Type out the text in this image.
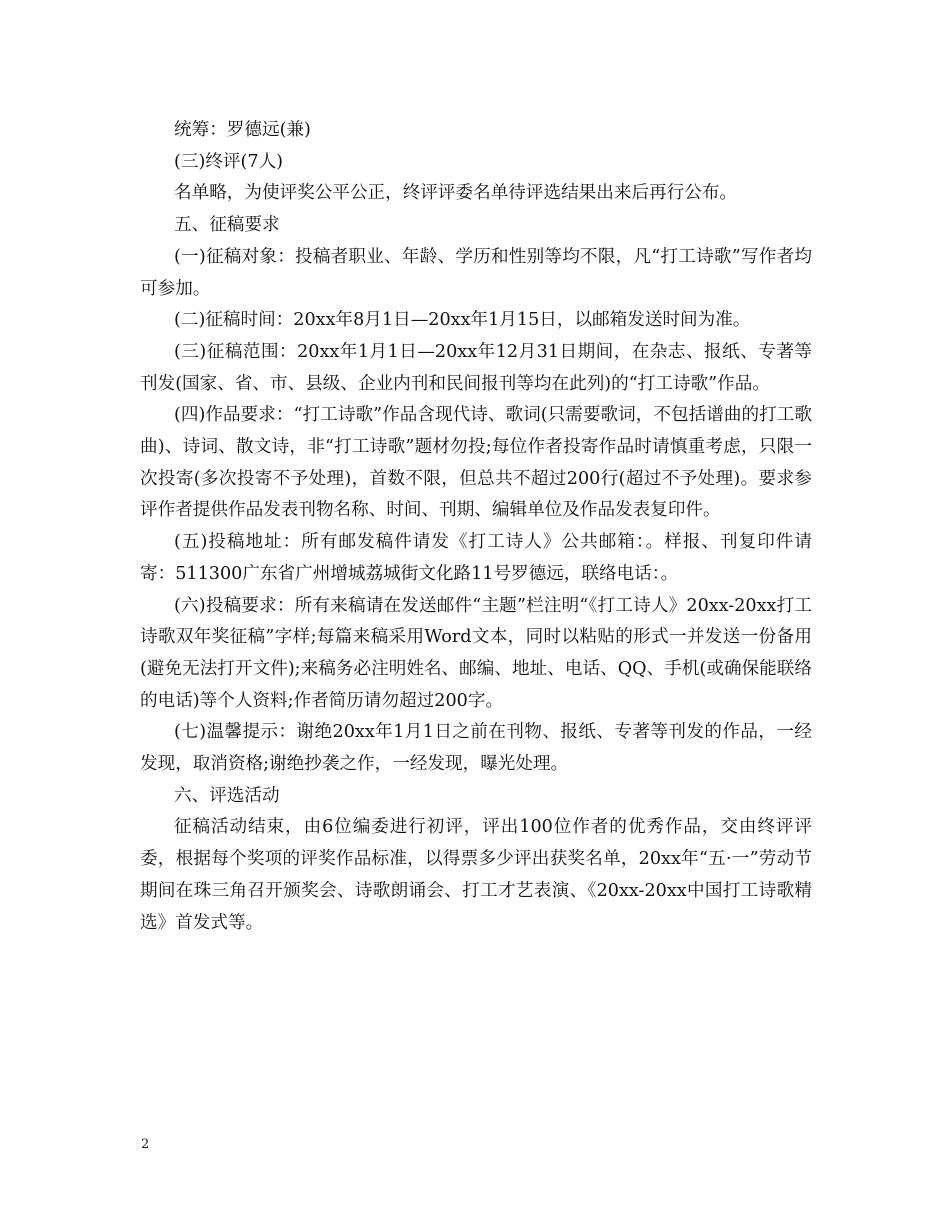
统筹：罗德远(兼)

(三)终评(7人)

名单略，为使评奖公平公正，终评评委名单待评选结果出来后再行公布。

五、征稿要求

(一)征稿对象：投稿者职业、年龄、学历和性别等均不限，凡“打工诗歌”写作者均可参加。

(二)征稿时间：20xx年8月1日—20xx年1月15日，以邮箱发送时间为准。

(三)征稿范围：20xx年1月1日—20xx年12月31日期间，在杂志、报纸、专著等刊发(国家、省、市、县级、企业内刊和民间报刊等均在此列)的“打工诗歌”作品。

(四)作品要求：“打工诗歌”作品含现代诗、歌词(只需要歌词，不包括谱曲的打工歌曲)、诗词、散文诗，非“打工诗歌”题材勿投;每位作者投寄作品时请慎重考虑，只限一次投寄(多次投寄不予处理)，首数不限，但总共不超过200行(超过不予处理)。要求参评作者提供作品发表刊物名称、时间、刊期、编辑单位及作品发表复印件。

(五)投稿地址：所有邮发稿件请发《打工诗人》公共邮箱：。样报、刊复印件请寄：511300广东省广州增城荔城街文化路11号罗德远，联络电话：。

(六)投稿要求：所有来稿请在发送邮件“主题”栏注明“《打工诗人》20xx-20xx打工诗歌双年奖征稿”字样;每篇来稿采用Word文本，同时以粘贴的形式一并发送一份备用(避免无法打开文件);来稿务必注明姓名、邮编、地址、电话、QQ、手机(或确保能联络的电话)等个人资料;作者简历请勿超过200字。

(七)温馨提示：谢绝20xx年1月1日之前在刊物、报纸、专著等刊发的作品，一经发现，取消资格;谢绝抄袭之作，一经发现，曝光处理。

六、评选活动

征稿活动结束，由6位编委进行初评，评出100位作者的优秀作品，交由终评评委，根据每个奖项的评奖作品标准，以得票多少评出获奖名单，20xx年“五·一”劳动节期间在珠三角召开颁奖会、诗歌朗诵会、打工才艺表演、《20xx-20xx中国打工诗歌精选》首发式等。

2
